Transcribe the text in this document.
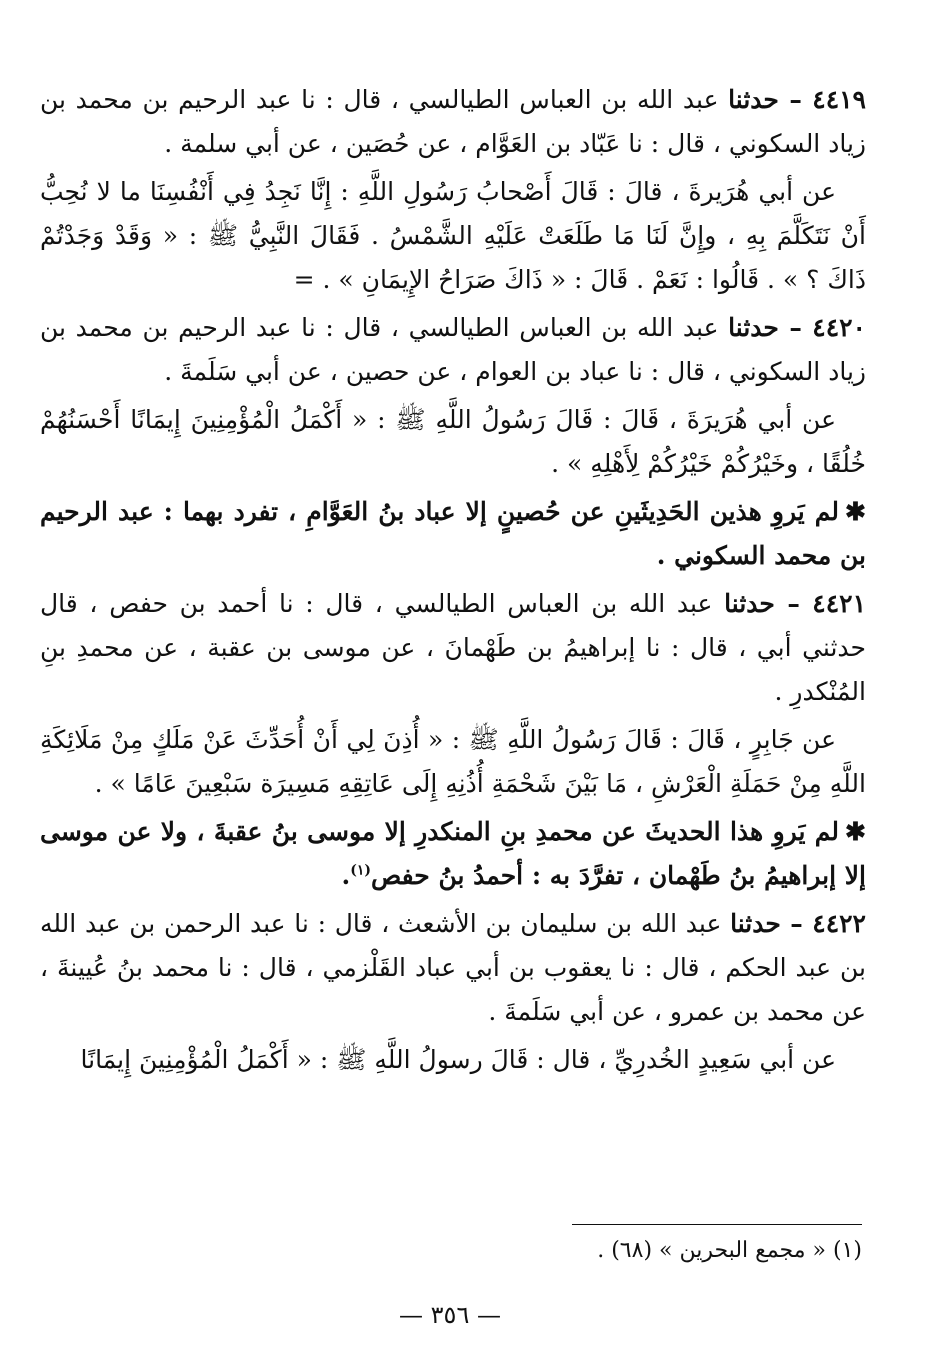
٤٤١٩ – حدثنا عبد الله بن العباس الطيالسي ، قال : نا عبد الرحيم بن محمد بن زياد السكوني ، قال : نا عَبّاد بن العَوَّام ، عن حُصَين ، عن أبي سلمة .

عن أبي هُرَيرةَ ، قالَ : قَالَ أَصْحابُ رَسُولِ اللَّهِ : إِنَّا نَجِدُ فِي أَنْفُسِنَا ما لا نُحِبُّ أَنْ نَتَكَلَّمَ بِهِ ، وإِنَّ لَنَا مَا طَلَعَتْ عَلَيْهِ الشَّمْسُ . فَقَالَ النَّبِيُّ ﷺ : « وَقَدْ وَجَدْتُمْ ذَاكَ ؟ » . قَالُوا : نَعَمْ . قَالَ : « ذَاكَ صَرَاحُ الإِيمَانِ » . =

٤٤٢٠ – حدثنا عبد الله بن العباس الطيالسي ، قال : نا عبد الرحيم بن محمد بن زياد السكوني ، قال : نا عباد بن العوام ، عن حصين ، عن أبي سَلَمةَ .

عن أبي هُرَيرَةَ ، قَالَ : قَالَ رَسُولُ اللَّهِ ﷺ : « أَكْمَلُ الْمُؤْمِنِينَ إِيمَانًا أَحْسَنُهُمْ خُلُقًا ، وخَيْرُكُمْ خَيْرُكُمْ لِأَهْلِهِ » .

✱لم يَروِ هذين الحَدِيثَينِ عن حُصينٍ إلا عباد بنُ العَوَّامِ ، تفرد بهما : عبد الرحيم بن محمد السكوني .

٤٤٢١ – حدثنا عبد الله بن العباس الطيالسي ، قال : نا أحمد بن حفص ، قال حدثني أبي ، قال : نا إبراهيمُ بن طَهْمانَ ، عن موسى بن عقبة ، عن محمدِ بنِ المُنْكدرِ .

عن جَابِرٍ ، قَالَ : قَالَ رَسُولُ اللَّهِ ﷺ : « أُذِنَ لِي أَنْ أُحَدِّثَ عَنْ مَلَكٍ مِنْ مَلَائِكَةِ اللَّهِ مِنْ حَمَلَةِ الْعَرْشِ ، مَا بَيْنَ شَحْمَةِ أُذُنِهِ إِلَى عَاتِقِهِ مَسِيرَة سَبْعِينَ عَامًا » .

✱لم يَروِ هذا الحديثَ عن محمدِ بنِ المنكدرِ إلا موسى بنُ عقبةَ ، ولا عن موسى إلا إبراهيمُ بنُ طَهْمان ، تفرَّدَ به : أحمدُ بنُ حفص$^{(١)}$.

٤٤٢٢ – حدثنا عبد الله بن سليمان بن الأشعث ، قال : نا عبد الرحمن بن عبد الله بن عبد الحكم ، قال : نا يعقوب بن أبي عباد القَلْزمي ، قال : نا محمد بنُ عُيينةَ ، عن محمد بن عمرو ، عن أبي سَلَمةَ .

عن أبي سَعِيدٍ الخُدرِيِّ ، قال : قَالَ رسولُ اللَّهِ ﷺ : « أَكْمَلُ الْمُؤْمِنِينَ إِيمَانًا

(١) « مجمع البحرين » (٦٨) .
— ٣٥٦ —
